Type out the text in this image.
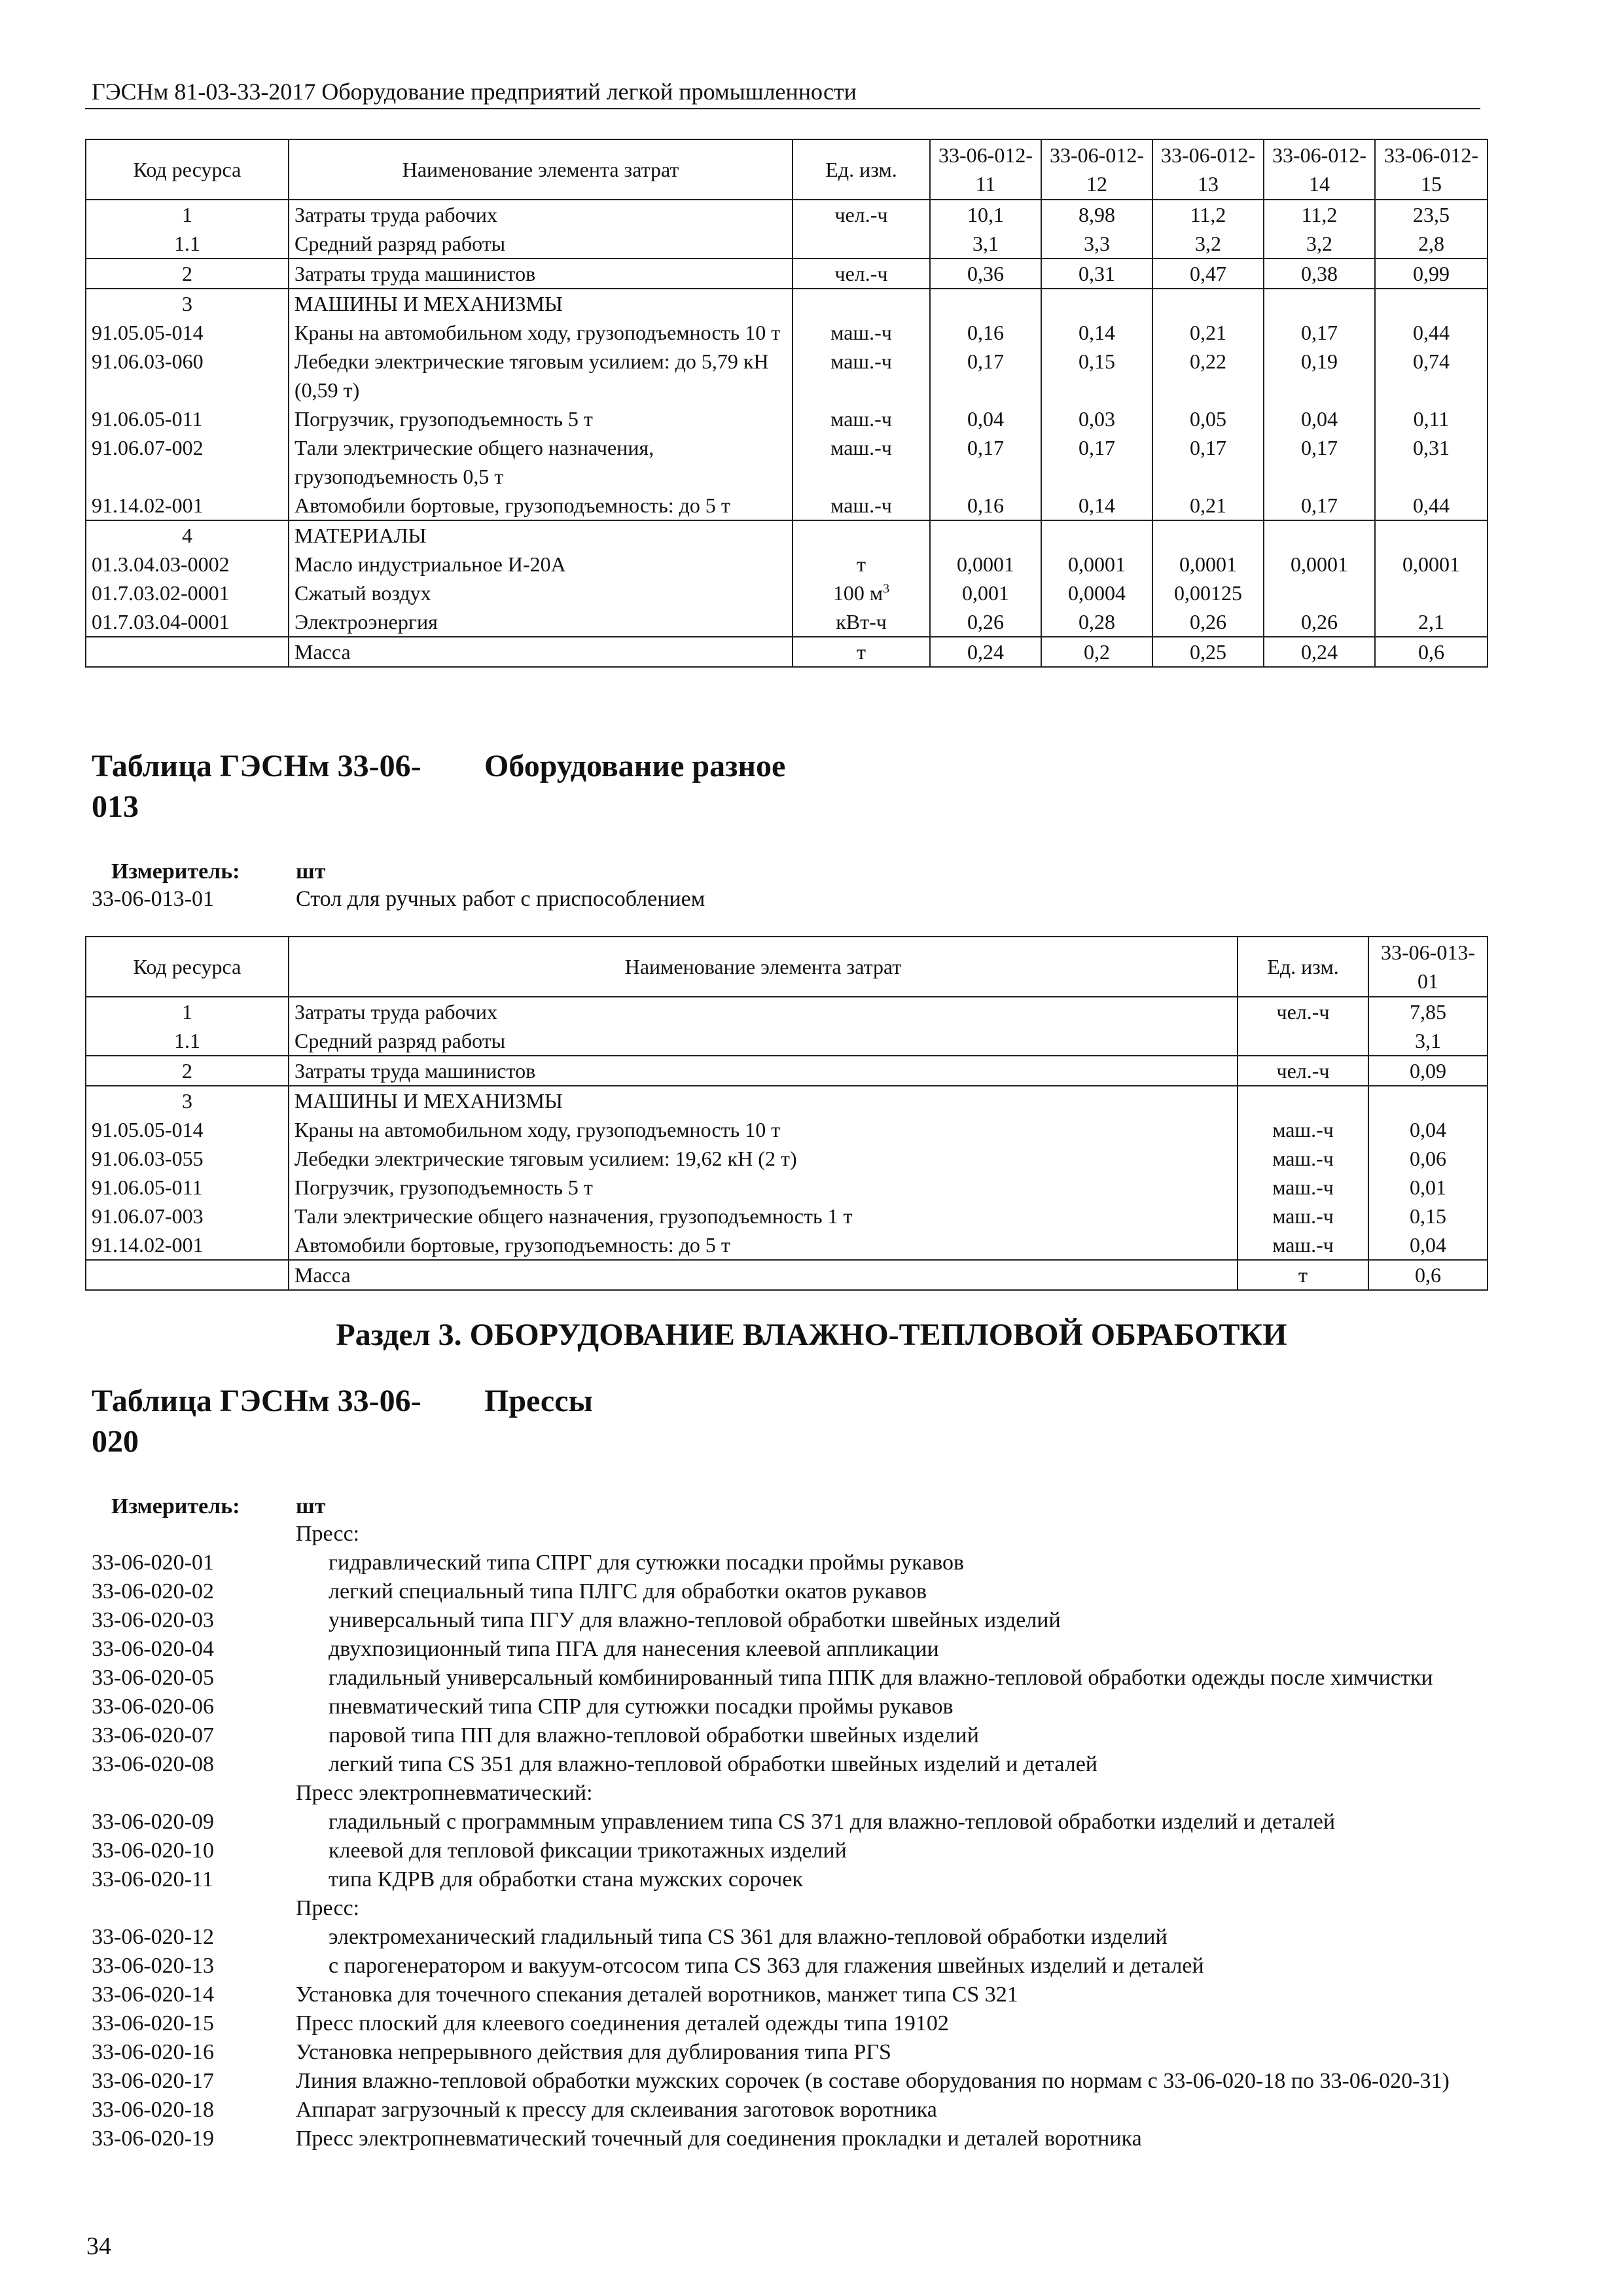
ГЭСНм 81-03-33-2017 Оборудование предприятий легкой промышленности
Код ресурса	Наименование элемента затрат	Ед. изм.	33-06-012-11	33-06-012-12	33-06-012-13	33-06-012-14	33-06-012-15
1	Затраты труда рабочих	чел.-ч	10,1	8,98	11,2	11,2	23,5
1.1	Средний разряд работы		3,1	3,3	3,2	3,2	2,8
2	Затраты труда машинистов	чел.-ч	0,36	0,31	0,47	0,38	0,99
3	МАШИНЫ И МЕХАНИЗМЫ						
91.05.05-014	Краны на автомобильном ходу, грузоподъемность 10 т	маш.-ч	0,16	0,14	0,21	0,17	0,44
91.06.03-060	Лебедки электрические тяговым усилием: до 5,79 кН (0,59 т)	маш.-ч	0,17	0,15	0,22	0,19	0,74
91.06.05-011	Погрузчик, грузоподъемность 5 т	маш.-ч	0,04	0,03	0,05	0,04	0,11
91.06.07-002	Тали электрические общего назначения, грузоподъемность 0,5 т	маш.-ч	0,17	0,17	0,17	0,17	0,31
91.14.02-001	Автомобили бортовые, грузоподъемность: до 5 т	маш.-ч	0,16	0,14	0,21	0,17	0,44
4	МАТЕРИАЛЫ						
01.3.04.03-0002	Масло индустриальное И-20А	т	0,0001	0,0001	0,0001	0,0001	0,0001
01.7.03.02-0001	Сжатый воздух	100 $м^3$	0,001	0,0004	0,00125		
01.7.03.04-0001	Электроэнергия	кВт-ч	0,26	0,28	0,26	0,26	2,1
	Масса	т	0,24	0,2	0,25	0,24	0,6
Таблица ГЭСНм 33-06-013
Оборудование разное
Измеритель:	шт
33-06-013-01	Стол для ручных работ с приспособлением
Код ресурса	Наименование элемента затрат	Ед. изм.	33-06-013-01
1	Затраты труда рабочих	чел.-ч	7,85
1.1	Средний разряд работы		3,1
2	Затраты труда машинистов	чел.-ч	0,09
3	МАШИНЫ И МЕХАНИЗМЫ		
91.05.05-014	Краны на автомобильном ходу, грузоподъемность 10 т	маш.-ч	0,04
91.06.03-055	Лебедки электрические тяговым усилием: 19,62 кН (2 т)	маш.-ч	0,06
91.06.05-011	Погрузчик, грузоподъемность 5 т	маш.-ч	0,01
91.06.07-003	Тали электрические общего назначения, грузоподъемность 1 т	маш.-ч	0,15
91.14.02-001	Автомобили бортовые, грузоподъемность: до 5 т	маш.-ч	0,04
	Масса	т	0,6
Раздел 3. ОБОРУДОВАНИЕ ВЛАЖНО-ТЕПЛОВОЙ ОБРАБОТКИ
Таблица ГЭСНм 33-06-020
Прессы
Измеритель:	шт
Пресс:
33-06-020-01	гидравлический типа СПРГ для сутюжки посадки проймы рукавов
33-06-020-02	легкий специальный типа ПЛГС для обработки окатов рукавов
33-06-020-03	универсальный типа ПГУ для влажно-тепловой обработки швейных изделий
33-06-020-04	двухпозиционный типа ПГА для нанесения клеевой аппликации
33-06-020-05	гладильный универсальный комбинированный типа ППК для влажно-тепловой обработки одежды после химчистки
33-06-020-06	пневматический типа СПР для сутюжки посадки проймы рукавов
33-06-020-07	паровой типа ПП для влажно-тепловой обработки швейных изделий
33-06-020-08	легкий типа CS 351 для влажно-тепловой обработки швейных изделий и деталей
Пресс электропневматический:
33-06-020-09	гладильный с программным управлением типа CS 371 для влажно-тепловой обработки изделий и деталей
33-06-020-10	клеевой для тепловой фиксации трикотажных изделий
33-06-020-11	типа КДРВ для обработки стана мужских сорочек
Пресс:
33-06-020-12	электромеханический гладильный типа CS 361 для влажно-тепловой обработки изделий
33-06-020-13	с парогенератором и вакуум-отсосом типа CS 363 для глажения швейных изделий и деталей
33-06-020-14	Установка для точечного спекания деталей воротников, манжет типа CS 321
33-06-020-15	Пресс плоский для клеевого соединения деталей одежды типа 19102
33-06-020-16	Установка непрерывного действия для дублирования типа РГS
33-06-020-17	Линия влажно-тепловой обработки мужских сорочек (в составе оборудования по нормам с 33-06-020-18 по 33-06-020-31)
33-06-020-18	Аппарат загрузочный к прессу для склеивания заготовок воротника
33-06-020-19	Пресс электропневматический точечный для соединения прокладки и деталей воротника
34
